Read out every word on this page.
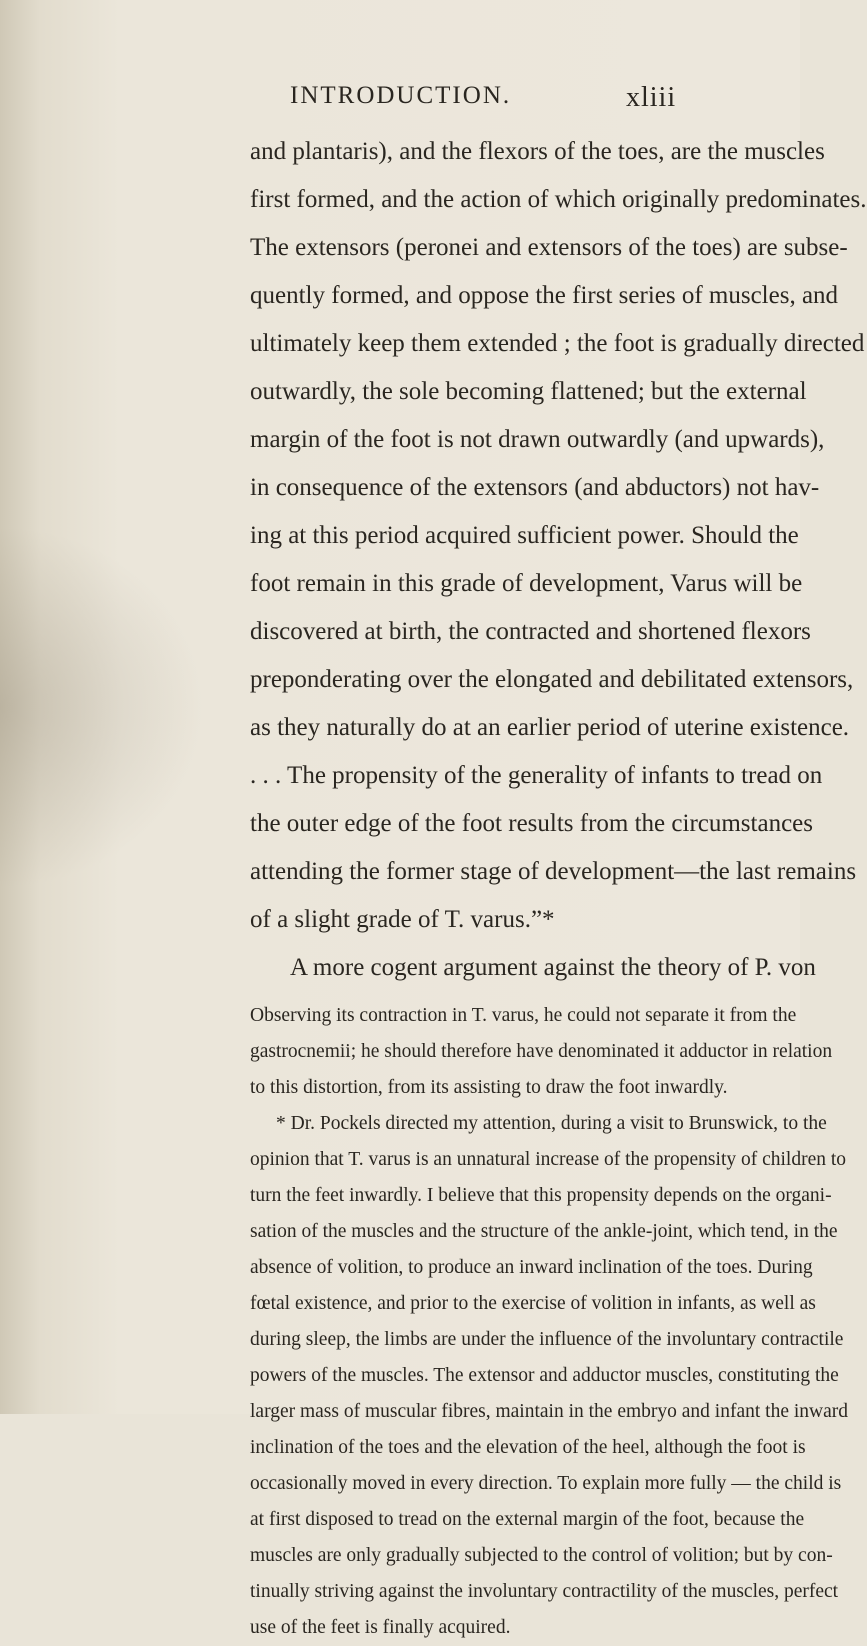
INTRODUCTION.	xliii
and plantaris), and the flexors of the toes, are the muscles
first formed, and the action of which originally predominates.
The extensors (peronei and extensors of the toes) are subse-
quently formed, and oppose the first series of muscles, and
ultimately keep them extended ; the foot is gradually directed
outwardly, the sole becoming flattened; but the external
margin of the foot is not drawn outwardly (and upwards),
in consequence of the extensors (and abductors) not hav-
ing at this period acquired sufficient power. Should the
foot remain in this grade of development, Varus will be
discovered at birth, the contracted and shortened flexors
preponderating over the elongated and debilitated extensors,
as they naturally do at an earlier period of uterine existence.
. . . The propensity of the generality of infants to tread on
the outer edge of the foot results from the circumstances
attending the former stage of development—the last remains
of a slight grade of T. varus.”*
A more cogent argument against the theory of P. von
Observing its contraction in T. varus, he could not separate it from the
gastrocnemii; he should therefore have denominated it adductor in relation
to this distortion, from its assisting to draw the foot inwardly.
* Dr. Pockels directed my attention, during a visit to Brunswick, to the
opinion that T. varus is an unnatural increase of the propensity of children to
turn the feet inwardly. I believe that this propensity depends on the organi-
sation of the muscles and the structure of the ankle-joint, which tend, in the
absence of volition, to produce an inward inclination of the toes. During
fœtal existence, and prior to the exercise of volition in infants, as well as
during sleep, the limbs are under the influence of the involuntary contractile
powers of the muscles. The extensor and adductor muscles, constituting the
larger mass of muscular fibres, maintain in the embryo and infant the inward
inclination of the toes and the elevation of the heel, although the foot is
occasionally moved in every direction. To explain more fully — the child is
at first disposed to tread on the external margin of the foot, because the
muscles are only gradually subjected to the control of volition; but by con-
tinually striving against the involuntary contractility of the muscles, perfect
use of the feet is finally acquired.
